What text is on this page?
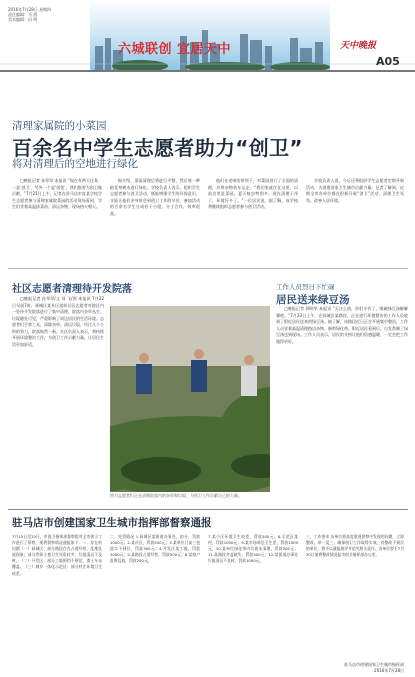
2016年7月28日 星期四
责任编辑：马 茜
美术编辑：田 明
六城联创 宜居天中	天中晚报
A05
清理家属院的小菜园
百余名中学生志愿者助力“创卫”
将对清理后的空地进行绿化

□晚报记者 孙翠翠 本报讯 “现在有两大任务，一是‘创卫’，另外一个是‘创优’，我们都要为创卫做贡献。”7月21日上午，记者在驻马店市直某学校学生志愿者参与清理家属院菜园的活动现场看到，学生们冒着高温拔菜苗、清运杂物，现场热火朝天。

据介绍，菜园清理后将进行平整，然后统一种植花草树木进行绿化。学校负责人表示，组织学生志愿者参与创卫活动，既能增强学生的环保意识，又能让他们亲身体会到创卫工作的辛苦。参加活动的百余名学生分成若干小组，分工合作，效率很高。

他们在老师的带领下，对菜园进行了全面的清理，并将杂物装车运走。“我们家就住在这里，以前这里是菜园，夏天蚊虫特别多，现在清理干净了，环境好多了。”一位居民说。据了解，该学校将继续组织志愿者参与创卫活动。

学校负责人说，今后还将组织学生志愿者定期开展活动，为创建国家卫生城市贡献力量。记者了解到，近期全市各单位都在积极开展“创卫”活动，清理卫生死角，改善人居环境。

社区志愿者清理待开发院落

□晚报记者 孙翠翠/文 刘 飞/图 本报讯 7月22日早晨7时，驿城区某社区组织社区志愿者对辖区内一处待开发院落进行了集中清理。院落内杂草丛生，垃圾随处可见，严重影响了周边居民的生活环境。志愿者们手拿工具，清除杂草、清运垃圾，经过几个小时的努力，院落焕然一新。社区负责人表示，将持续开展环境整治工作，为创卫工作贡献力量，让居民生活更加舒适。

图为志愿者们正在清理院落内的杂草和垃圾，为创卫工作贡献自己的力量。
工作人员烈日下忙碌
居民送来绿豆汤

□晚报记者 郭明华 本报讯 “天这么热，你们辛苦了，喝碗绿豆汤解解暑吧。”7月23日上午，在驿城区某路段，正在进行环境整治的工作人员收到了附近居民送来的绿豆汤。据了解，该路段近日正在开展集中整治，工作人员冒着高温清理路边杂物、修剪绿化带。附近居民看到后，自发熬制了绿豆汤送到现场。工作人员表示，居民的支持让他们倍感温暖，一定会把工作做得更好。

驻马店市创建国家卫生城市指挥部督察通报

7月15日至20日，市创卫指挥部督察组对全市创卫工作进行了督察，现将督察情况通报如下：一、存在的问题（一）驿城区：部分路段存在占道经营、乱堆乱放现象；部分背街小巷卫生死角较多，垃圾清运不及时。（二）开发区：部分工地围挡不规范，渣土车未覆盖。（三）城乡一体化示范区：部分村庄环境卫生较差。

二、处罚情况 1.驿城区某街道办事处，扣分，罚款1000元；2.某社区，罚款500元；3.某单位门前三包落实不到位，罚款300元；4.开发区某工地，罚款2000元；5.某路段占道经营，罚款500元；6.某商户乱堆乱放，罚款200元。

7.某小区环境卫生较差，罚款500元；8.示范区某村，罚款1000元；9.某市场周边卫生差，罚款1000元；10.某单位绿化带内垃圾未清理，罚款300元；11.某路段井盖缺失，罚款500元；12.某街道办事处垃圾清运不及时，罚款1000元。

三、工作要求 各单位要高度重视督察中发现的问题，立即整改，举一反三，确保创卫工作取得实效。对整改不到位的单位，将予以通报批评并追究相关责任。各单位要于7月30日前将整改情况报市创卫指挥部办公室。

驻马店市创建国家卫生城市指挥部
2016年7月28日
